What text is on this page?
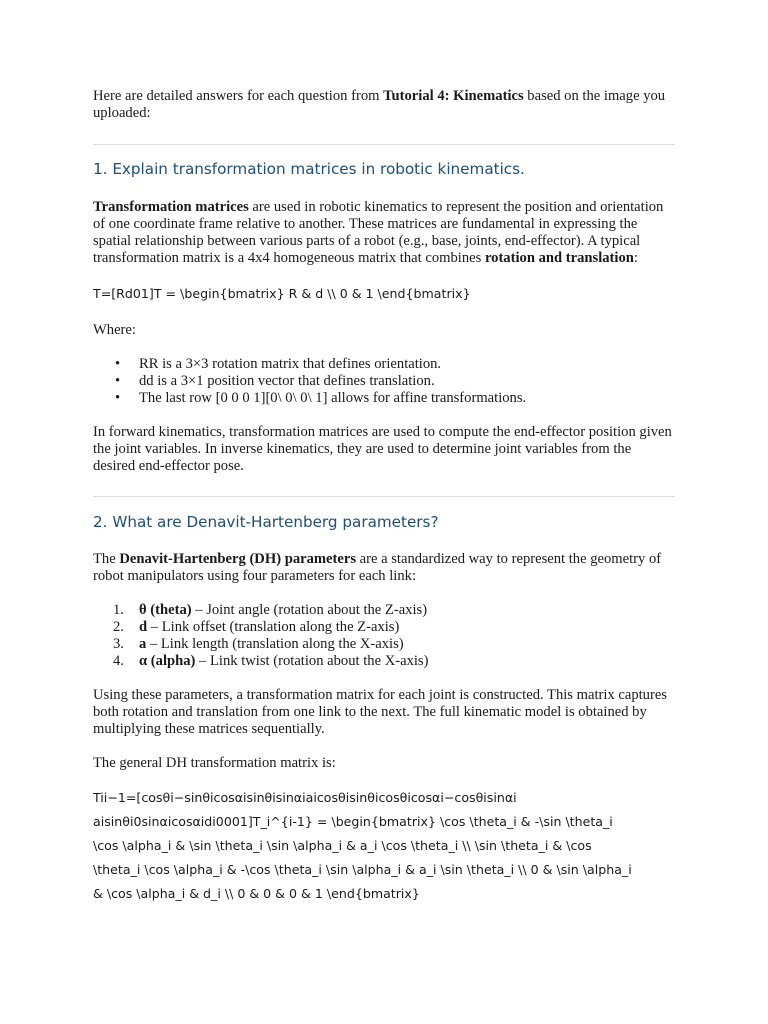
Here are detailed answers for each question from Tutorial 4: Kinematics based on the image you uploaded:

1. Explain transformation matrices in robotic kinematics.

Transformation matrices are used in robotic kinematics to represent the position and orientation of one coordinate frame relative to another. These matrices are fundamental in expressing the spatial relationship between various parts of a robot (e.g., base, joints, end-effector). A typical transformation matrix is a 4x4 homogeneous matrix that combines rotation and translation:

T=[Rd01]T = \begin{bmatrix} R & d \\ 0 & 1 \end{bmatrix}

Where:

• RR is a 3×3 rotation matrix that defines orientation.
• dd is a 3×1 position vector that defines translation.
• The last row [0 0 0 1][0\ 0\ 0\ 1] allows for affine transformations.

In forward kinematics, transformation matrices are used to compute the end-effector position given the joint variables. In inverse kinematics, they are used to determine joint variables from the desired end-effector pose.

2. What are Denavit-Hartenberg parameters?

The Denavit-Hartenberg (DH) parameters are a standardized way to represent the geometry of robot manipulators using four parameters for each link:

1. θ (theta) – Joint angle (rotation about the Z-axis)
2. d – Link offset (translation along the Z-axis)
3. a – Link length (translation along the X-axis)
4. α (alpha) – Link twist (rotation about the X-axis)

Using these parameters, a transformation matrix for each joint is constructed. This matrix captures both rotation and translation from one link to the next. The full kinematic model is obtained by multiplying these matrices sequentially.

The general DH transformation matrix is:

Tii−1=[cos⁡θi−sin⁡θicos⁡αisin⁡θisin⁡αiaicos⁡θisin⁡θicos⁡θicos⁡αi−cos⁡θisin⁡αi
aisin⁡θi0sin⁡αicos⁡αidi0001]T_i^{i-1} = \begin{bmatrix} \cos \theta_i & -\sin \theta_i
\cos \alpha_i & \sin \theta_i \sin \alpha_i & a_i \cos \theta_i \\ \sin \theta_i & \cos
\theta_i \cos \alpha_i & -\cos \theta_i \sin \alpha_i & a_i \sin \theta_i \\ 0 & \sin \alpha_i
& \cos \alpha_i & d_i \\ 0 & 0 & 0 & 1 \end{bmatrix}
